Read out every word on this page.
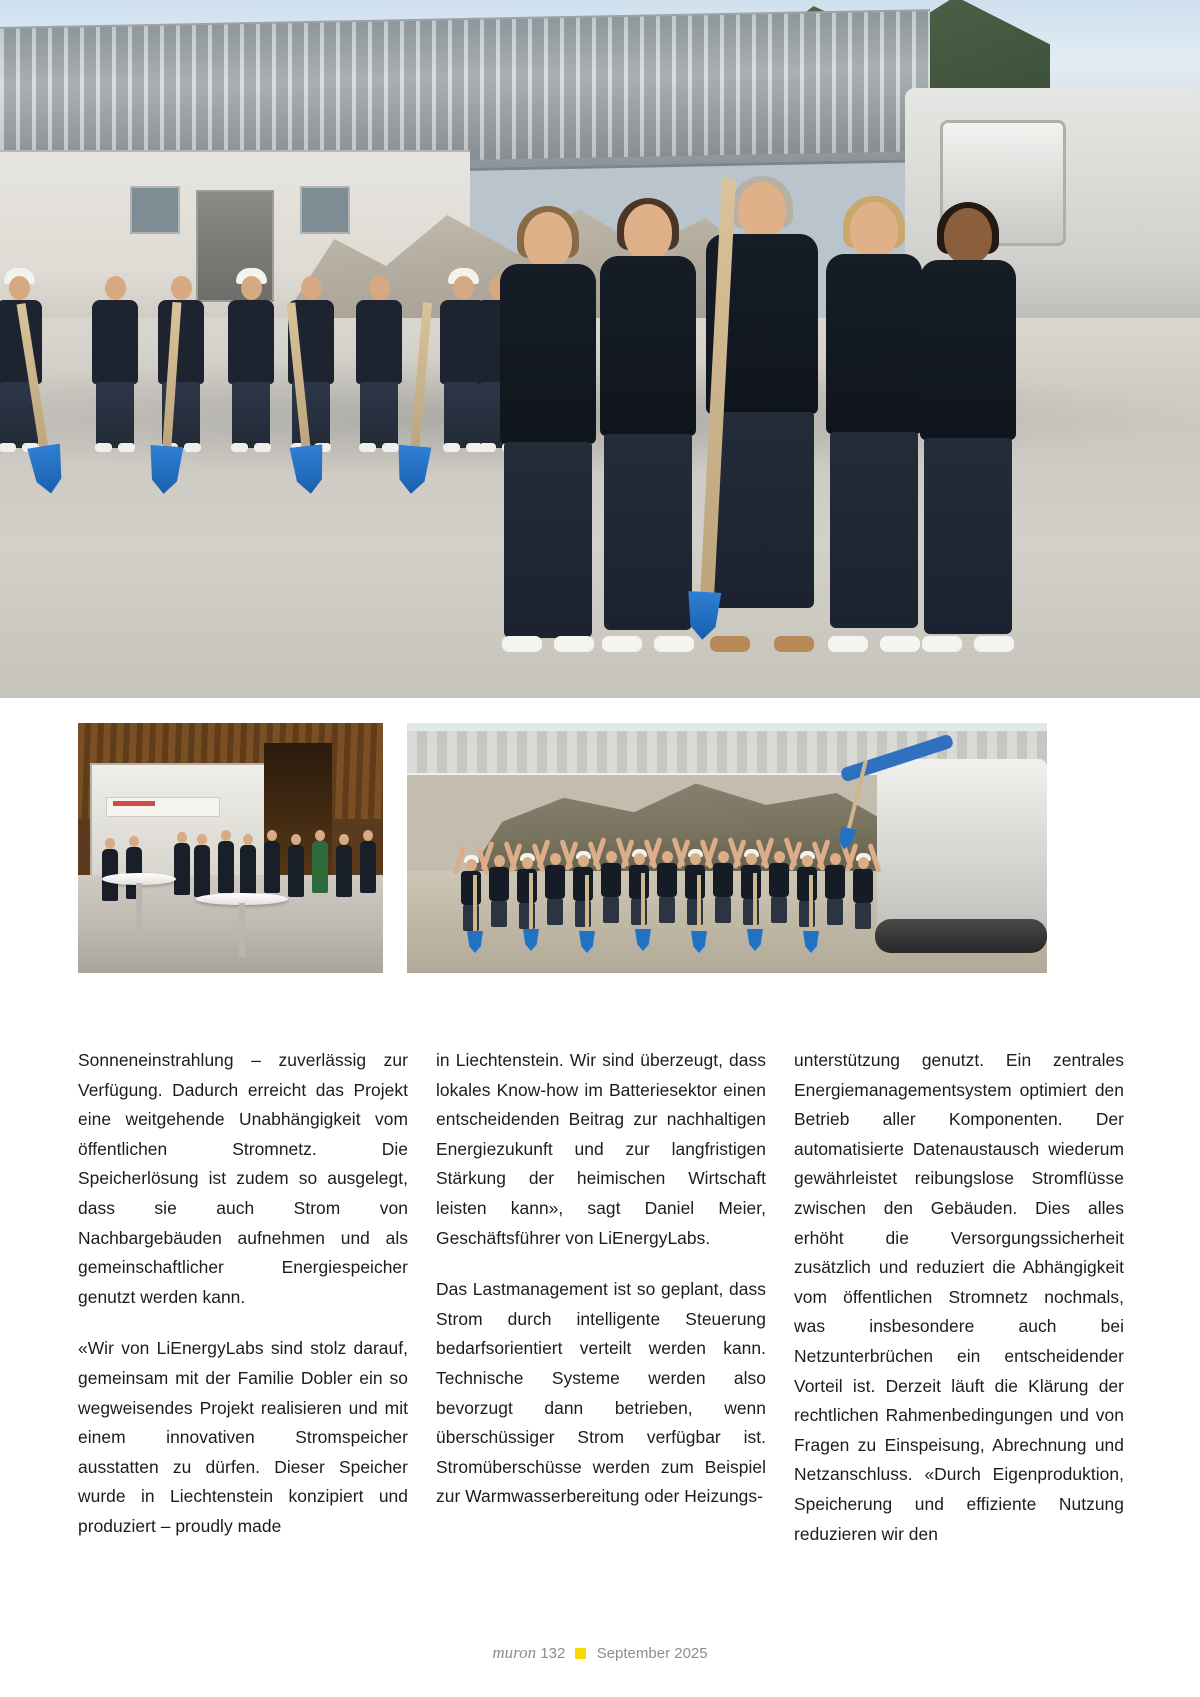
Sonneneinstrahlung – zuverlässig zur Verfügung. Dadurch erreicht das Projekt eine weitgehende Unabhängigkeit vom öffentlichen Stromnetz. Die Speicherlösung ist zudem so ausgelegt, dass sie auch Strom von Nachbargebäuden aufnehmen und als gemeinschaftlicher Energiespeicher genutzt werden kann.

«Wir von LiEnergyLabs sind stolz darauf, gemeinsam mit der Familie Dobler ein so wegweisendes Projekt realisieren und mit einem innovativen Stromspeicher ausstatten zu dürfen. Dieser Speicher wurde in Liechtenstein konzipiert und produziert – proudly made

in Liechtenstein. Wir sind überzeugt, dass lokales Know-how im Batteriesektor einen entscheidenden Beitrag zur nachhaltigen Energiezukunft und zur langfristigen Stärkung der heimischen Wirtschaft leisten kann», sagt Daniel Meier, Geschäftsführer von LiEnergyLabs.

Das Lastmanagement ist so geplant, dass Strom durch intelligente Steuerung bedarfsorientiert verteilt werden kann. Technische Systeme werden also bevorzugt dann betrieben, wenn überschüssiger Strom verfügbar ist. Stromüberschüsse werden zum Beispiel zur Warmwasserbereitung oder Heizungs-

unterstützung genutzt. Ein zentrales Energiemanagementsystem optimiert den Betrieb aller Komponenten. Der automatisierte Datenaustausch wiederum gewährleistet reibungslose Stromflüsse zwischen den Gebäuden. Dies alles erhöht die Versorgungssicherheit zusätzlich und reduziert die Abhängigkeit vom öffentlichen Stromnetz nochmals, was insbesondere auch bei Netzunterbrüchen ein entscheidender Vorteil ist. Derzeit läuft die Klärung der rechtlichen Rahmenbedingungen und von Fragen zu Einspeisung, Abrechnung und Netzanschluss. «Durch Eigenproduktion, Speicherung und effiziente Nutzung reduzieren wir den

muron 132 September 2025
